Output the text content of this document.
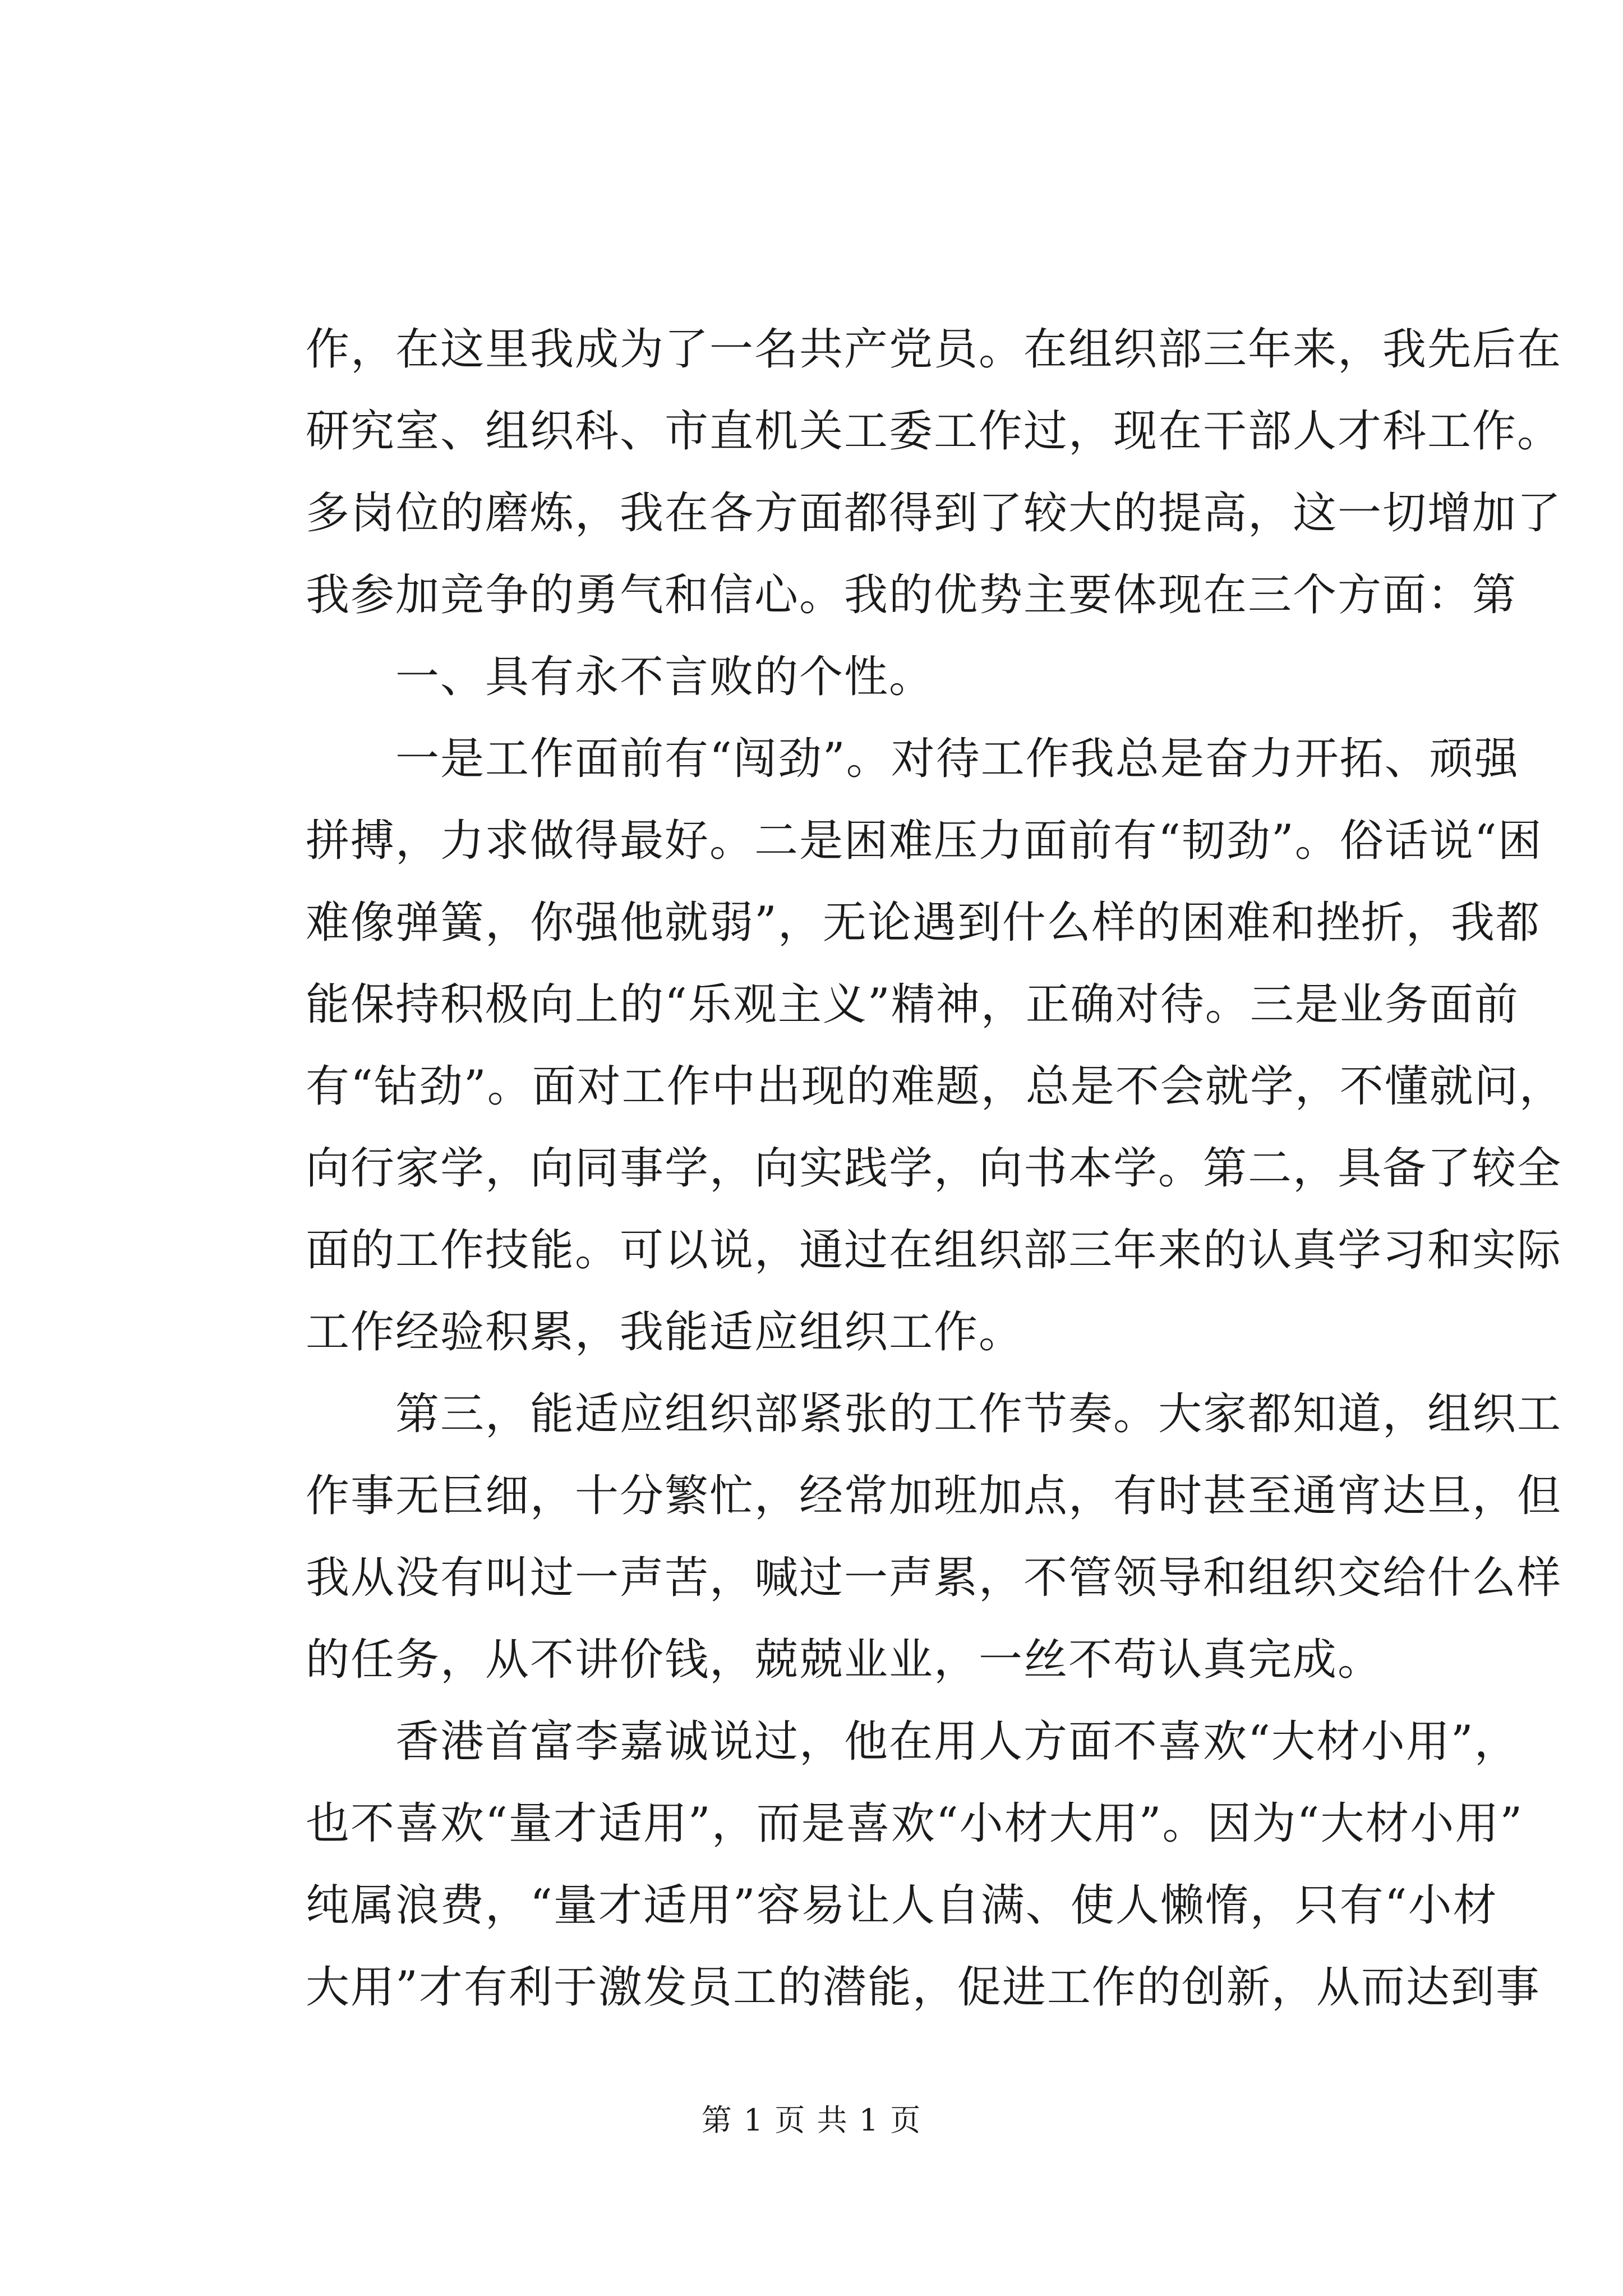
作，在这里我成为了一名共产党员。在组织部三年来，我先后在
研究室、组织科、市直机关工委工作过，现在干部人才科工作。
多岗位的磨炼，我在各方面都得到了较大的提高，这一切增加了
我参加竞争的勇气和信心。我的优势主要体现在三个方面：第
一、具有永不言败的个性。
一是工作面前有“闯劲”。对待工作我总是奋力开拓、顽强
拼搏，力求做得最好。二是困难压力面前有“韧劲”。俗话说“困
难像弹簧，你强他就弱”，无论遇到什么样的困难和挫折，我都
能保持积极向上的“乐观主义”精神，正确对待。三是业务面前
有“钻劲”。面对工作中出现的难题，总是不会就学，不懂就问，
向行家学，向同事学，向实践学，向书本学。第二，具备了较全
面的工作技能。可以说，通过在组织部三年来的认真学习和实际
工作经验积累，我能适应组织工作。
第三，能适应组织部紧张的工作节奏。大家都知道，组织工
作事无巨细，十分繁忙，经常加班加点，有时甚至通宵达旦，但
我从没有叫过一声苦，喊过一声累，不管领导和组织交给什么样
的任务，从不讲价钱，兢兢业业，一丝不苟认真完成。
香港首富李嘉诚说过，他在用人方面不喜欢“大材小用”，
也不喜欢“量才适用”，而是喜欢“小材大用”。因为“大材小用”
纯属浪费，“量才适用”容易让人自满、使人懒惰，只有“小材
大用”才有利于激发员工的潜能，促进工作的创新，从而达到事
第 1 页 共 1 页
